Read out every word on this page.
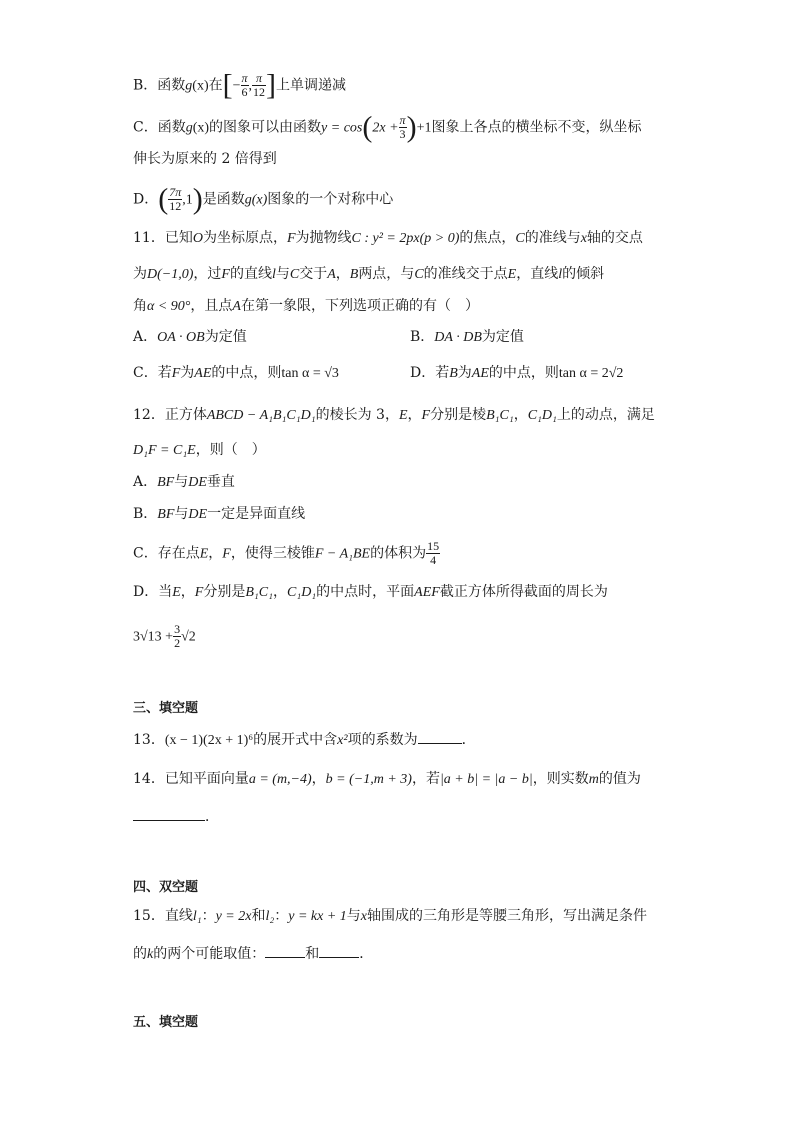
B．函数g(x)在[− $\frac{\pi}{6}$ , $\frac{\pi}{12}$ ]上单调递减
C．函数g(x)的图象可以由函数$y = \cos(2x + \frac{\pi}{3} )+1$图象上各点的横坐标不变，纵坐标
伸长为原来的 2 倍得到
D．( $\frac{7\pi}{12} ,1$)是函数g(x)图象的一个对称中心
11．已知O为坐标原点，F为抛物线C : y² = 2px(p > 0)的焦点，C的准线与x轴的交点
为D(−1,0)，过F的直线l与C交于A，B两点，与C的准线交于点E，直线l的倾斜
角α < 90°，且点A在第一象限，下列选项正确的有（　）
A．OA · OB为定值	B．DA · DB为定值
C．若F为AE的中点，则tan α = √3	D．若B为AE的中点，则tan α = 2√2
12．正方体ABCD − A₁B₁C₁D₁的棱长为 3，E，F分别是棱B₁C₁，C₁D₁上的动点，满足
D₁F = C₁E，则（　）
A．BF与DE垂直
B．BF与DE一定是异面直线
C．存在点E，F，使得三棱锥F − A₁BE的体积为 $\frac{15}{4}$
D．当E，F分别是B₁C₁，C₁D₁的中点时，平面AEF截正方体所得截面的周长为
$3√13 + \frac{3}{2} √2$
三、填空题
13．(x − 1)(2x + 1)⁶的展开式中含x²项的系数为	．
14．已知平面向量a = (m,−4)，b = (−1,m + 3)，若|a + b| = |a − b|，则实数m的值为
．
四、双空题
15．直线l₁：y = 2x和l₂：y = kx + 1与x轴围成的三角形是等腰三角形，写出满足条件
的k的两个可能取值：	和	．
五、填空题
